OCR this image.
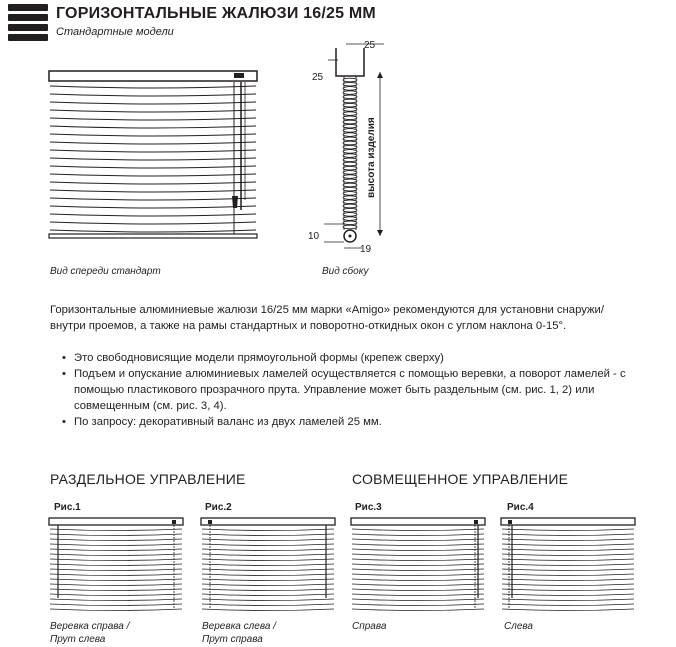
ГОРИЗОНТАЛЬНЫЕ ЖАЛЮЗИ 16/25 ММ
Стандартные модели
Вид спереди стандарт
25
25
высота изделия
10
19
Вид сбоку
Горизонтальные алюминиевые жалюзи 16/25 мм марки «Amigo» рекомендуются для установни снаружи/внутри проемов, а также на рамы стандартных и поворотно-откидных окон с углом наклона 0-15°.
• Это свободновисящие модели прямоугольной формы (крепеж сверху)
• Подъем и опускание алюминиевых ламелей осуществляется с помощью веревки, а поворот ламелей - с помощью пластикового прозрачного прута. Управление может быть раздельным (см. рис. 1, 2) или совмещенным (см. рис. 3, 4).
• По запросу: декоративный валанс из двух ламелей 25 мм.
РАЗДЕЛЬНОЕ УПРАВЛЕНИЕ	СОВМЕЩЕННОЕ УПРАВЛЕНИЕ
Рис.1	Рис.2	Рис.3	Рис.4
Веревка справа /
Прут слева
Веревка слева /
Прут справа
Справа	Слева
